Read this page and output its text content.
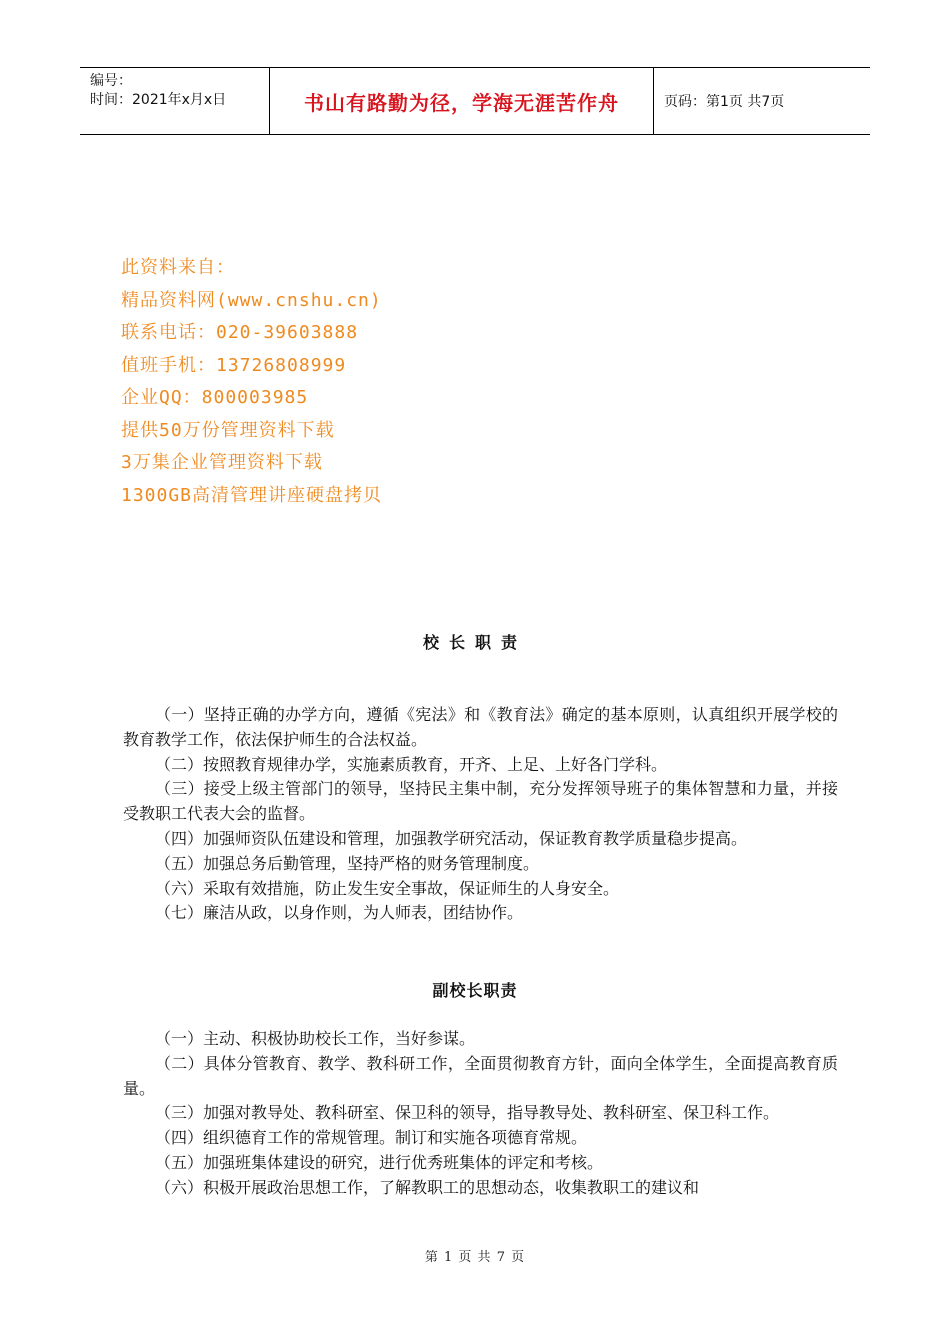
编号：
时间：2021年x月x日	书山有路勤为径，学海无涯苦作舟	页码：第1页 共7页
此资料来自：
精品资料网(www.cnshu.cn)
联系电话：020-39603888
值班手机：13726808999
企业QQ：800003985
提供50万份管理资料下载
3万集企业管理资料下载
1300GB高清管理讲座硬盘拷贝
校长职责

（一）坚持正确的办学方向，遵循《宪法》和《教育法》确定的基本原则，认真组织开展学校的教育教学工作，依法保护师生的合法权益。

（二）按照教育规律办学，实施素质教育，开齐、上足、上好各门学科。

（三）接受上级主管部门的领导，坚持民主集中制，充分发挥领导班子的集体智慧和力量，并接受教职工代表大会的监督。

（四）加强师资队伍建设和管理，加强教学研究活动，保证教育教学质量稳步提高。

（五）加强总务后勤管理，坚持严格的财务管理制度。

（六）采取有效措施，防止发生安全事故，保证师生的人身安全。

（七）廉洁从政，以身作则，为人师表，团结协作。

副校长职责

（一）主动、积极协助校长工作，当好参谋。

（二）具体分管教育、教学、教科研工作，全面贯彻教育方针，面向全体学生，全面提高教育质量。

（三）加强对教导处、教科研室、保卫科的领导，指导教导处、教科研室、保卫科工作。

（四）组织德育工作的常规管理。制订和实施各项德育常规。

（五）加强班集体建设的研究，进行优秀班集体的评定和考核。

（六）积极开展政治思想工作，了解教职工的思想动态，收集教职工的建议和

第 1 页 共 7 页
